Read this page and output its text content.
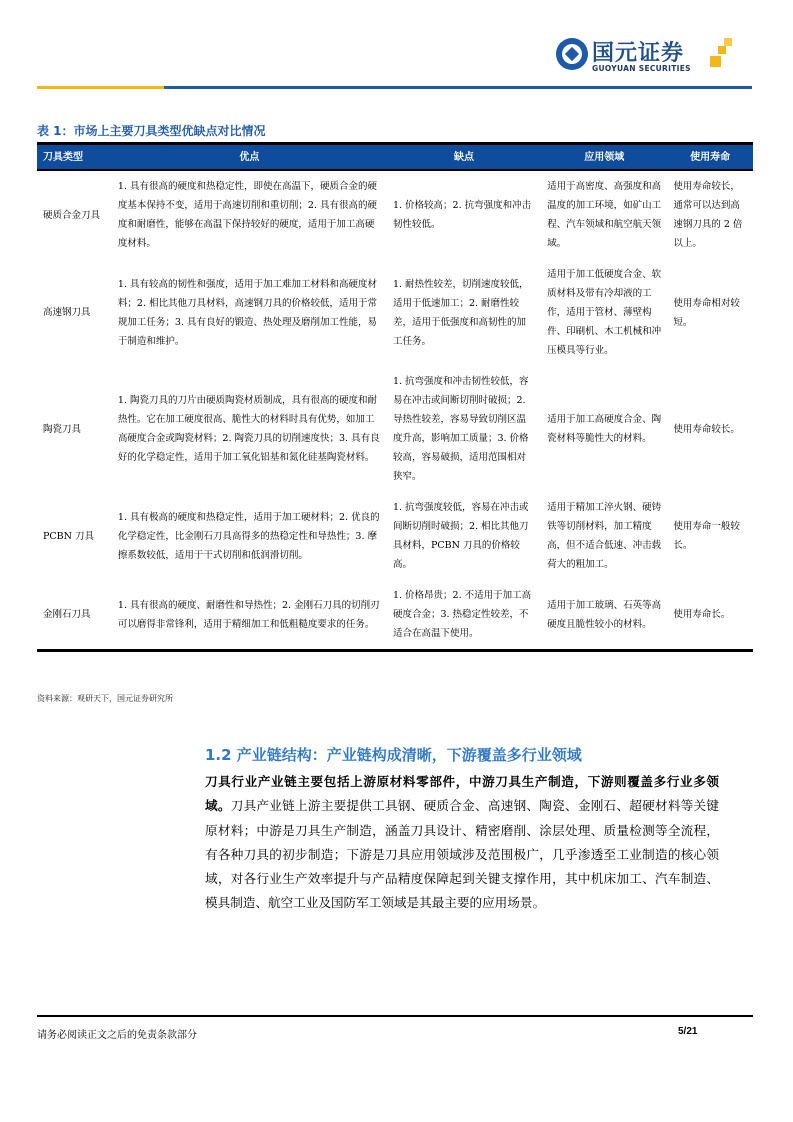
国元证券
GUOYUAN SECURITIES
表 1：市场上主要刀具类型优缺点对比情况
刀具类型	优点	缺点	应用领域	使用寿命
硬质合金刀具	1. 具有很高的硬度和热稳定性，即使在高温下，硬质合金的硬度基本保持不变，适用于高速切削和重切削；2. 具有很高的硬度和耐磨性，能够在高温下保持较好的硬度，适用于加工高硬度材料。	1. 价格较高；2. 抗弯强度和冲击韧性较低。	适用于高密度、高强度和高温度的加工环境，如矿山工程、汽车领域和航空航天领域。	使用寿命较长，通常可以达到高速钢刀具的 2 倍以上。
高速钢刀具	1. 具有较高的韧性和强度，适用于加工难加工材料和高硬度材料；2. 相比其他刀具材料，高速钢刀具的价格较低，适用于常规加工任务；3. 具有良好的锻造、热处理及磨削加工性能，易于制造和维护。	1. 耐热性较差，切削速度较低，适用于低速加工；2. 耐磨性较差，适用于低强度和高韧性的加工任务。	适用于加工低硬度合金、软质材料及带有冷却液的工作，适用于管材、薄壁构件、印刷机、木工机械和冲压模具等行业。	使用寿命相对较短。
陶瓷刀具	1. 陶瓷刀具的刀片由硬质陶瓷材质制成，具有很高的硬度和耐热性。它在加工硬度很高、脆性大的材料时具有优势，如加工高硬度合金或陶瓷材料；2. 陶瓷刀具的切削速度快；3. 具有良好的化学稳定性，适用于加工氧化铝基和氮化硅基陶瓷材料。	1. 抗弯强度和冲击韧性较低，容易在冲击或间断切削时破损；2. 导热性较差，容易导致切削区温度升高，影响加工质量；3. 价格较高，容易破损，适用范围相对狭窄。	适用于加工高硬度合金、陶瓷材料等脆性大的材料。	使用寿命较长。
PCBN 刀具	1. 具有极高的硬度和热稳定性，适用于加工硬材料；2. 优良的化学稳定性，比金刚石刀具高得多的热稳定性和导热性；3. 摩擦系数较低，适用于干式切削和低润滑切削。	1. 抗弯强度较低，容易在冲击或间断切削时破损；2. 相比其他刀具材料，PCBN 刀具的价格较高。	适用于精加工淬火钢、硬铸铁等切削材料，加工精度高，但不适合低速、冲击载荷大的粗加工。	使用寿命一般较长。
金刚石刀具	1. 具有很高的硬度、耐磨性和导热性；2. 金刚石刀具的切削刃可以磨得非常锋利，适用于精细加工和低粗糙度要求的任务。	1. 价格昂贵；2. 不适用于加工高硬度合金；3. 热稳定性较差，不适合在高温下使用。	适用于加工玻璃、石英等高硬度且脆性较小的材料。	使用寿命长。
资料来源：观研天下，国元证券研究所
1.2 产业链结构：产业链构成清晰，下游覆盖多行业领域
刀具行业产业链主要包括上游原材料零部件，中游刀具生产制造，下游则覆盖多行业多领域。刀具产业链上游主要提供工具钢、硬质合金、高速钢、陶瓷、金刚石、超硬材料等关键原材料；中游是刀具生产制造，涵盖刀具设计、精密磨削、涂层处理、质量检测等全流程，有各种刀具的初步制造；下游是刀具应用领域涉及范围极广，几乎渗透至工业制造的核心领域，对各行业生产效率提升与产品精度保障起到关键支撑作用，其中机床加工、汽车制造、模具制造、航空工业及国防军工领域是其最主要的应用场景。
请务必阅读正文之后的免责条款部分	5/21
